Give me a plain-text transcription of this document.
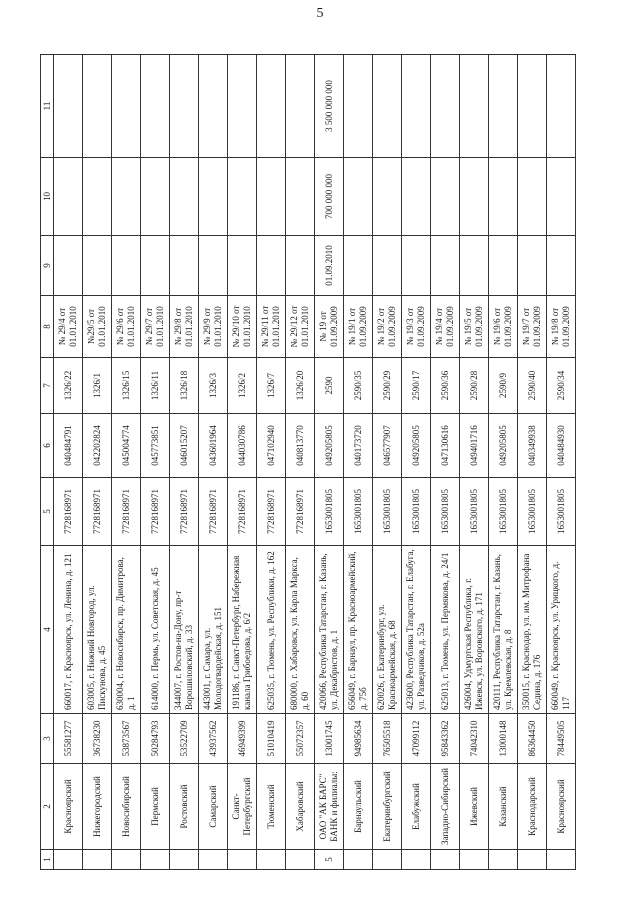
5
1	2	3	4	5	6	7	8	9	10	11
	Красноярский	55581277	660017, г. Красноярск, ул. Ленина, д. 121	7728168971	040484791	1326/22	№ 29/4 от 01.01.2010			
	Нижегородский	36738230	603005, г. Нижний Новгород, ул. Пискунова, д. 45	7728168971	042202824	1326/1	№29/5 от 01.01.2010			
	Новосибирский	53873567	630004, г. Новосибирск, пр. Димитрова, д. 1	7728168971	045004774	1326/15	№ 29/6 от 01.01.2010			
	Пермский	50284793	614000, г. Пермь, ул. Советская, д. 45	7728168971	045773851	1326/11	№ 29/7 от 01.01.2010			
	Ростовский	53522709	344007, г. Ростов-на-Дону, пр-т Ворошиловский, д. 33	7728168971	046015207	1326/18	№ 29/8 от 01.01.2010			
	Самарский	43937562	443001, г. Самара, ул. Молодогвардейская, д. 151	7728168971	043601964	1326/3	№ 29/9 от 01.01.2010			
	Санкт-Петербургский	46949399	191186, г. Санкт-Петербург, Набережная канала Грибоедова, д. 6/2	7728168971	044030786	1326/2	№ 29/10 от 01.01.2010			
	Тюменский	51010419	625035, г. Тюмень, ул. Республики, д. 162	7728168971	047102940	1326/7	№ 29/11 от 01.01.2010			
	Хабаровский	55072357	680000, г. Хабаровск, ул. Карла Маркса, д. 60	7728168971	040813770	1326/20	№ 29/12 от 01.01.2010			
5	ОАО "АК БАРС" БАНК и филиалы:	13001745	420066, Республика Татарстан, г. Казань, ул. Декабристов, д. 1	1653001805	049205805	2590	№ 19 от 01.09.2009	01.09.2010	700 000 000	3 500 000 000
	Барнаульский	94985634	656049, г. Барнаул, пр. Красноармейский, д. 75б	1653001805	040173720	2590/35	№ 19/1 от 01.09.2009			
	Екатеринбургский	76505518	620026, г. Екатеринбург, ул. Красноармейская, д. 68	1653001805	046577907	2590/29	№ 19/2 от 01.09.2009			
	Елабужский	47099112	423600, Республика Татарстан, г. Елабуга, ул. Разведчиков, д. 52а	1653001805	049205805	2590/17	№ 19/3 от 01.09.2009			
	Западно-Сибирский	95843362	625013, г. Тюмень, ул. Пермякова, д. 24/1	1653001805	047130616	2590/36	№ 19/4 от 01.09.2009			
	Ижевский	74042310	426004, Удмуртская Республика, г. Ижевск, ул. Воровского, д. 171	1653001805	049401716	2590/28	№ 19/5 от 01.09.2009			
	Казанский	13000148	420111, Республика Татарстан, г. Казань, ул. Кремлевская, д. 8	1653001805	049205805	2590/9	№ 19/6 от 01.09.2009			
	Краснодарский	86364450	350015, г. Краснодар, ул. им. Митрофана Седина, д. 176	1653001805	040349938	2590/40	№ 19/7 от 01.09.2009			
	Красноярский	78449505	660049, г. Красноярск, ул. Урицкого, д. 117	1653001805	040484930	2590/34	№ 19/8 от 01.09.2009			
